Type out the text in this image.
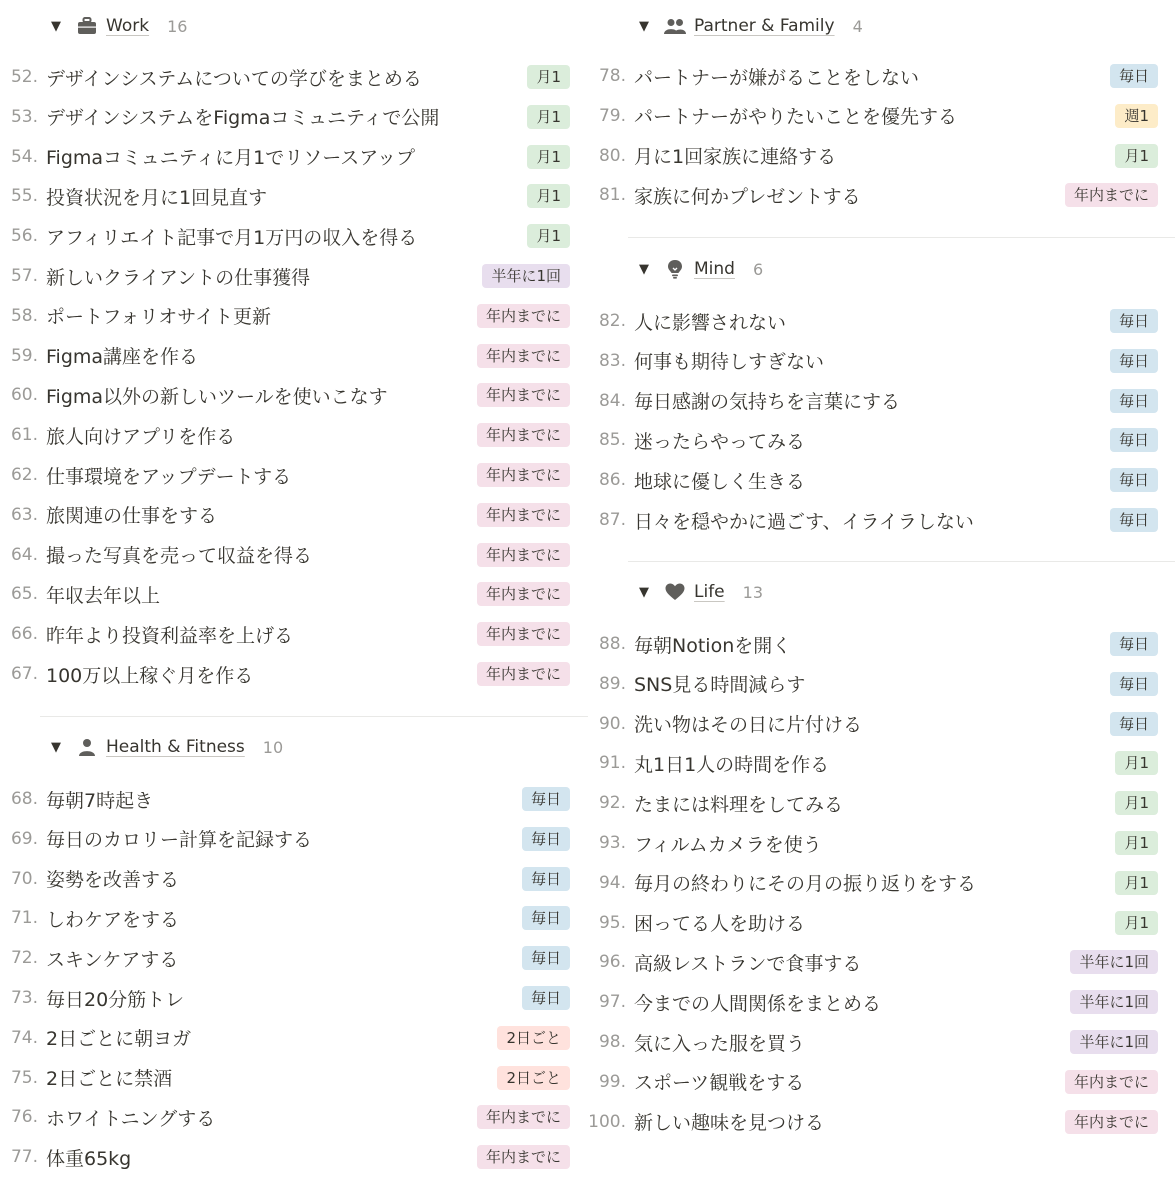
▼	Work 16
52. デザインシステムについての学びをまとめる	月1
53. デザインシステムをFigmaコミュニティで公開	月1
54. Figmaコミュニティに月1でリソースアップ	月1
55. 投資状況を月に1回見直す	月1
56. アフィリエイト記事で月1万円の収入を得る	月1
57. 新しいクライアントの仕事獲得	半年に1回
58. ポートフォリオサイト更新	年内までに
59. Figma講座を作る	年内までに
60. Figma以外の新しいツールを使いこなす	年内までに
61. 旅人向けアプリを作る	年内までに
62. 仕事環境をアップデートする	年内までに
63. 旅関連の仕事をする	年内までに
64. 撮った写真を売って収益を得る	年内までに
65. 年収去年以上	年内までに
66. 昨年より投資利益率を上げる	年内までに
67. 100万以上稼ぐ月を作る	年内までに
▼	Health & Fitness 10
68. 毎朝7時起き	毎日
69. 毎日のカロリー計算を記録する	毎日
70. 姿勢を改善する	毎日
71. しわケアをする	毎日
72. スキンケアする	毎日
73. 毎日20分筋トレ	毎日
74. 2日ごとに朝ヨガ	2日ごと
75. 2日ごとに禁酒	2日ごと
76. ホワイトニングする	年内までに
77. 体重65kg	年内までに
▼	Partner & Family 4
78. パートナーが嫌がることをしない	毎日
79. パートナーがやりたいことを優先する	週1
80. 月に1回家族に連絡する	月1
81. 家族に何かプレゼントする	年内までに
▼	Mind 6
82. 人に影響されない	毎日
83. 何事も期待しすぎない	毎日
84. 毎日感謝の気持ちを言葉にする	毎日
85. 迷ったらやってみる	毎日
86. 地球に優しく生きる	毎日
87. 日々を穏やかに過ごす、イライラしない	毎日
▼	Life 13
88. 毎朝Notionを開く	毎日
89. SNS見る時間減らす	毎日
90. 洗い物はその日に片付ける	毎日
91. 丸1日1人の時間を作る	月1
92. たまには料理をしてみる	月1
93. フィルムカメラを使う	月1
94. 毎月の終わりにその月の振り返りをする	月1
95. 困ってる人を助ける	月1
96. 高級レストランで食事する	半年に1回
97. 今までの人間関係をまとめる	半年に1回
98. 気に入った服を買う	半年に1回
99. スポーツ観戦をする	年内までに
100. 新しい趣味を見つける	年内までに
